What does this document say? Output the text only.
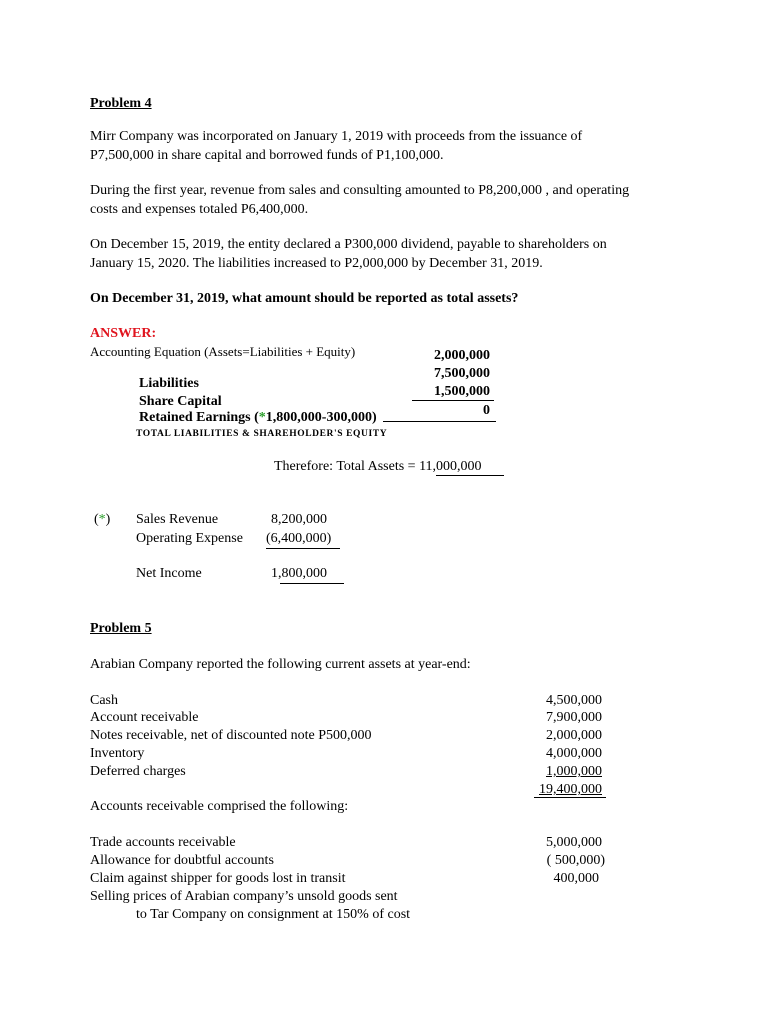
Problem 4
Mirr Company was incorporated on January 1, 2019 with proceeds from the issuance of
P7,500,000 in share capital and borrowed funds of P1,100,000.
During the first year, revenue from sales and consulting amounted to P8,200,000 , and operating
costs and expenses totaled P6,400,000.
On December 15, 2019, the entity declared a P300,000 dividend, payable to shareholders on
January 15, 2020. The liabilities increased to P2,000,000 by December 31, 2019.
On December 31, 2019, what amount should be reported as total assets?
ANSWER:
Accounting Equation (Assets=Liabilities + Equity)
Liabilities
Share Capital
Retained Earnings (*1,800,000-300,000)
TOTAL LIABILITIES & SHAREHOLDER'S EQUITY
2,000,000
7,500,000
1,500,000
0
Therefore: Total Assets = 11,000,000
(*) Sales Revenue	8,200,000
Operating Expense (6,400,000)
Net Income	1,800,000
Problem 5
Arabian Company reported the following current assets at year-end:
Cash
Account receivable
Notes receivable, net of discounted note P500,000
Inventory
Deferred charges
4,500,000
7,900,000
2,000,000
4,000,000
1,000,000
19,400,000
Accounts receivable comprised the following:
Trade accounts receivable
Allowance for doubtful accounts
Claim against shipper for goods lost in transit
Selling prices of Arabian company’s unsold goods sent
to Tar Company on consignment at 150% of cost
5,000,000
( 500,000)
400,000
